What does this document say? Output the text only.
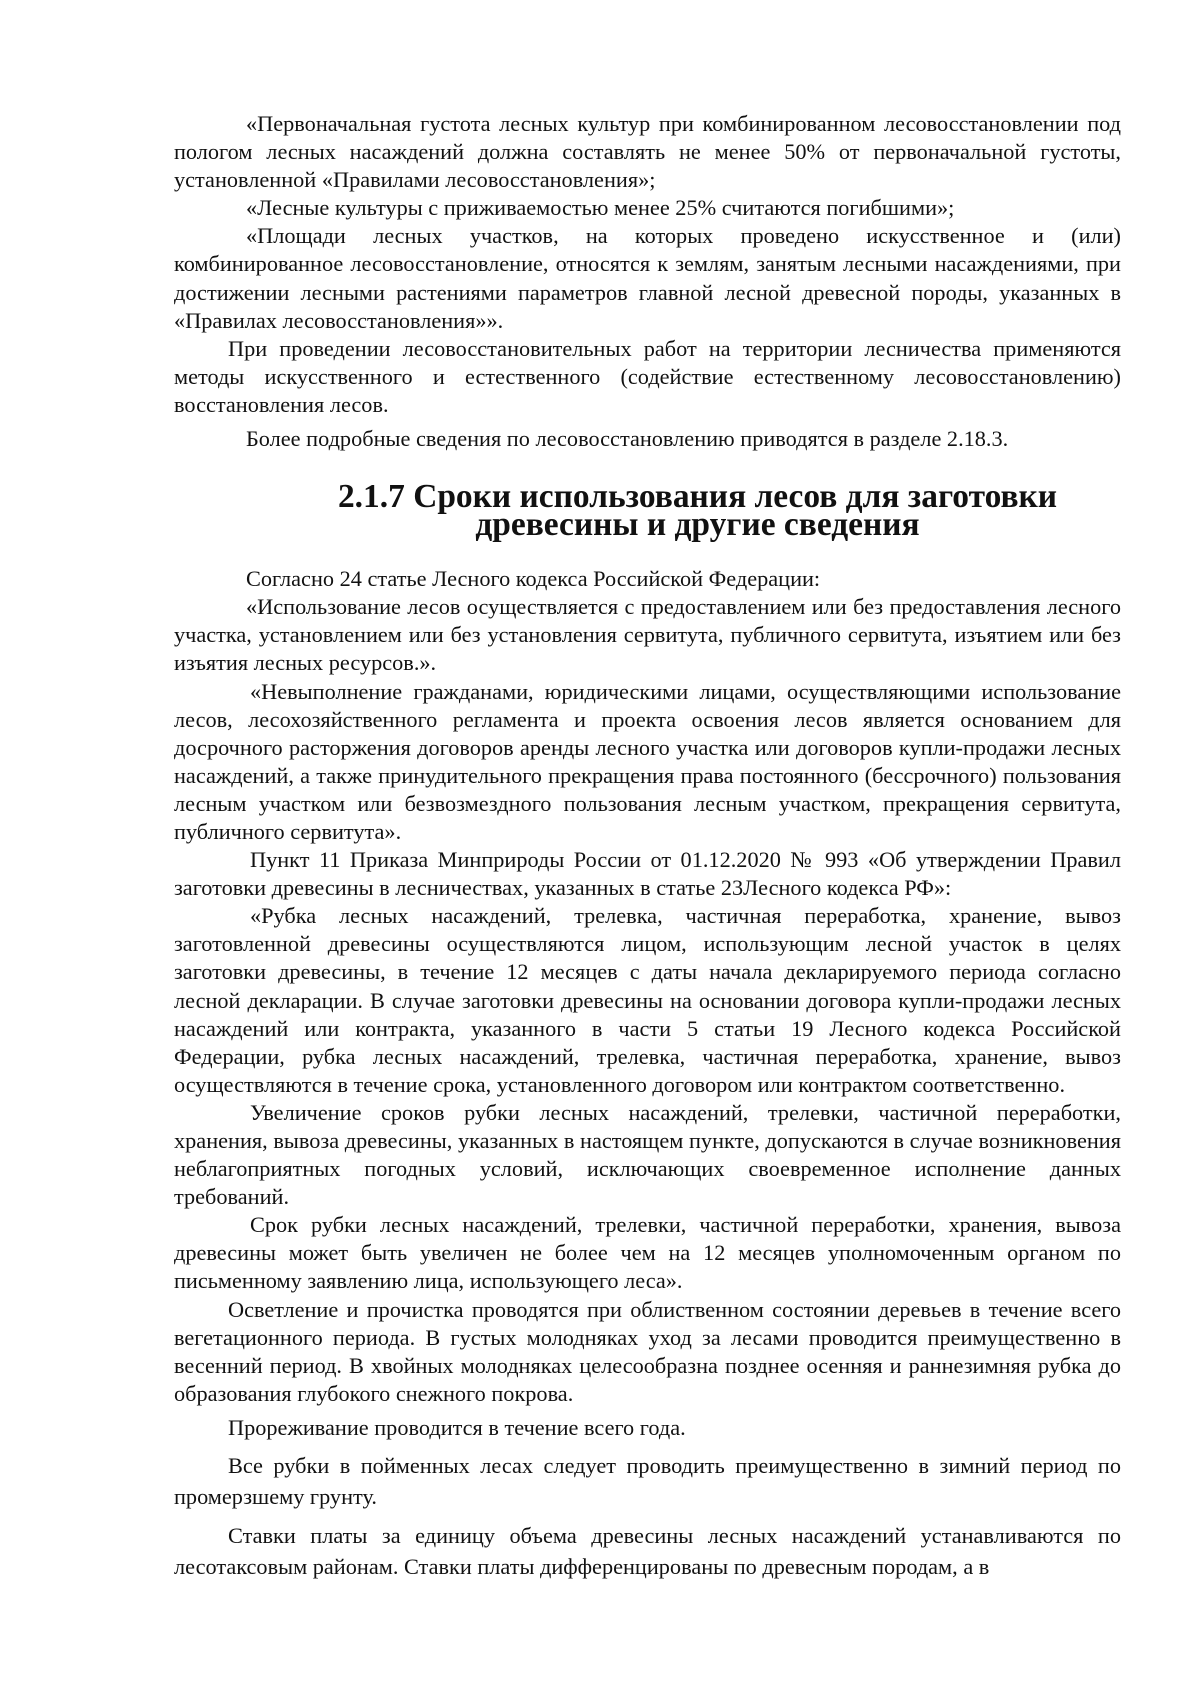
«Первоначальная густота лесных культур при комбинированном лесовосстановлении под пологом лесных насаждений должна составлять не менее 50% от первоначальной густоты, установленной «Правилами лесовосстановления»;

«Лесные культуры с приживаемостью менее 25% считаются погибшими»;

«Площади лесных участков, на которых проведено искусственное и (или) комбинированное лесовосстановление, относятся к землям, занятым лесными насаждениями, при достижении лесными растениями параметров главной лесной древесной породы, указанных в «Правилах лесовосстановления»».

При проведении лесовосстановительных работ на территории лесничества применяются методы искусственного и естественного (содействие естественному лесовосстановлению) восстановления лесов.

Более подробные сведения по лесовосстановлению приводятся в разделе 2.18.3.

2.1.7 Сроки использования лесов для заготовки древесины и другие сведения

Согласно 24 статье Лесного кодекса Российской Федерации:

«Использование лесов осуществляется с предоставлением или без предоставления лесного участка, установлением или без установления сервитута, публичного сервитута, изъятием или без изъятия лесных ресурсов.».

«Невыполнение гражданами, юридическими лицами, осуществляющими использование лесов, лесохозяйственного регламента и проекта освоения лесов является основанием для досрочного расторжения договоров аренды лесного участка или договоров купли-продажи лесных насаждений, а также принудительного прекращения права постоянного (бессрочного) пользования лесным участком или безвозмездного пользования лесным участком, прекращения сервитута, публичного сервитута».

Пункт 11 Приказа Минприроды России от 01.12.2020 № 993 «Об утверждении Правил заготовки древесины в лесничествах, указанных в статье 23Лесного кодекса РФ»:

«Рубка лесных насаждений, трелевка, частичная переработка, хранение, вывоз заготовленной древесины осуществляются лицом, использующим лесной участок в целях заготовки древесины, в течение 12 месяцев с даты начала декларируемого периода согласно лесной декларации. В случае заготовки древесины на основании договора купли-продажи лесных насаждений или контракта, указанного в части 5 статьи 19 Лесного кодекса Российской Федерации, рубка лесных насаждений, трелевка, частичная переработка, хранение, вывоз осуществляются в течение срока, установленного договором или контрактом соответственно.

Увеличение сроков рубки лесных насаждений, трелевки, частичной переработки, хранения, вывоза древесины, указанных в настоящем пункте, допускаются в случае возникновения неблагоприятных погодных условий, исключающих своевременное исполнение данных требований.

Срок рубки лесных насаждений, трелевки, частичной переработки, хранения, вывоза древесины может быть увеличен не более чем на 12 месяцев уполномоченным органом по письменному заявлению лица, использующего леса».

Осветление и прочистка проводятся при облиственном состоянии деревьев в течение всего вегетационного периода. В густых молодняках уход за лесами проводится преимущественно в весенний период. В хвойных молодняках целесообразна позднее осенняя и раннезимняя рубка до образования глубокого снежного покрова.

Прореживание проводится в течение всего года.

Все рубки в пойменных лесах следует проводить преимущественно в зимний период по промерзшему грунту.

Ставки платы за единицу объема древесины лесных насаждений устанавливаются по лесотаксовым районам. Ставки платы дифференцированы по древесным породам, а в
